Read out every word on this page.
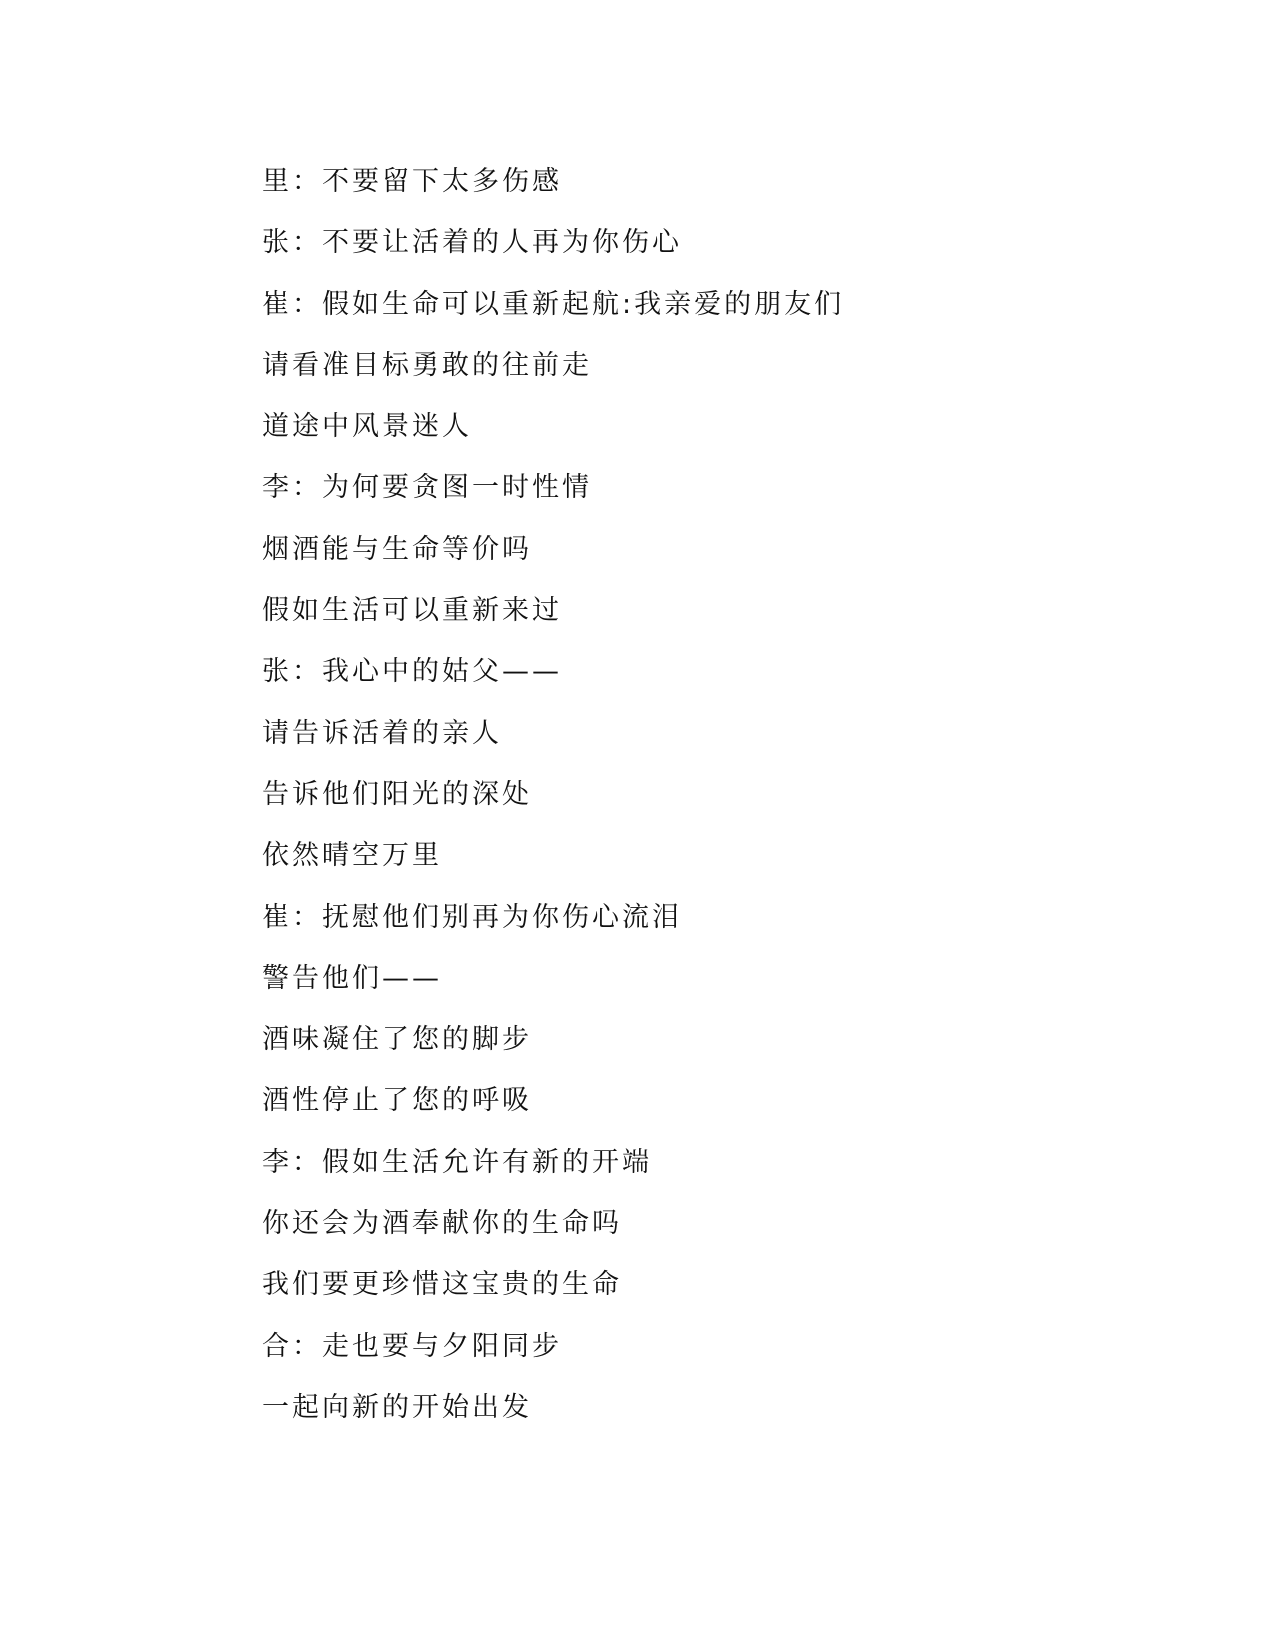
里：不要留下太多伤感
张：不要让活着的人再为你伤心
崔：假如生命可以重新起航:我亲爱的朋友们
请看准目标勇敢的往前走
道途中风景迷人
李：为何要贪图一时性情
烟酒能与生命等价吗
假如生活可以重新来过
张：我心中的姑父——
请告诉活着的亲人
告诉他们阳光的深处
依然晴空万里
崔：抚慰他们别再为你伤心流泪
警告他们——
酒味凝住了您的脚步
酒性停止了您的呼吸
李：假如生活允许有新的开端
你还会为酒奉献你的生命吗
我们要更珍惜这宝贵的生命
合：走也要与夕阳同步
一起向新的开始出发
